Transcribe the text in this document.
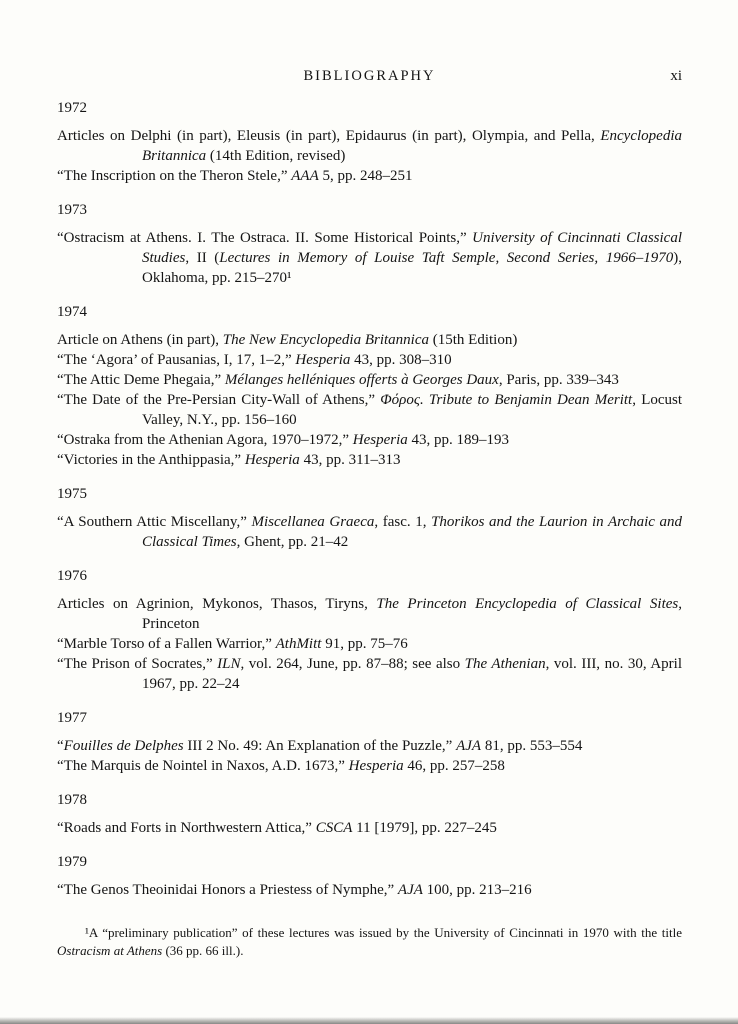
BIBLIOGRAPHY	xi
1972

Articles on Delphi (in part), Eleusis (in part), Epidaurus (in part), Olympia, and Pella, Encyclopedia Britannica (14th Edition, revised)

“The Inscription on the Theron Stele,” AAA 5, pp. 248–251

1973

“Ostracism at Athens. I. The Ostraca. II. Some Historical Points,” University of Cincinnati Classical Studies, II (Lectures in Memory of Louise Taft Semple, Second Series, 1966–1970), Oklahoma, pp. 215–270¹

1974

Article on Athens (in part), The New Encyclopedia Britannica (15th Edition)

“The ‘Agora’ of Pausanias, I, 17, 1–2,” Hesperia 43, pp. 308–310

“The Attic Deme Phegaia,” Mélanges helléniques offerts à Georges Daux, Paris, pp. 339–343

“The Date of the Pre-Persian City-Wall of Athens,” Φόρος. Tribute to Benjamin Dean Meritt, Locust Valley, N.Y., pp. 156–160

“Ostraka from the Athenian Agora, 1970–1972,” Hesperia 43, pp. 189–193

“Victories in the Anthippasia,” Hesperia 43, pp. 311–313

1975

“A Southern Attic Miscellany,” Miscellanea Graeca, fasc. 1, Thorikos and the Laurion in Archaic and Classical Times, Ghent, pp. 21–42

1976

Articles on Agrinion, Mykonos, Thasos, Tiryns, The Princeton Encyclopedia of Classical Sites, Princeton

“Marble Torso of a Fallen Warrior,” AthMitt 91, pp. 75–76

“The Prison of Socrates,” ILN, vol. 264, June, pp. 87–88; see also The Athenian, vol. III, no. 30, April 1967, pp. 22–24

1977

“Fouilles de Delphes III 2 No. 49: An Explanation of the Puzzle,” AJA 81, pp. 553–554

“The Marquis de Nointel in Naxos, A.D. 1673,” Hesperia 46, pp. 257–258

1978

“Roads and Forts in Northwestern Attica,” CSCA 11 [1979], pp. 227–245

1979

“The Genos Theoinidai Honors a Priestess of Nymphe,” AJA 100, pp. 213–216

¹A “preliminary publication” of these lectures was issued by the University of Cincinnati in 1970 with the title Ostracism at Athens (36 pp. 66 ill.).
